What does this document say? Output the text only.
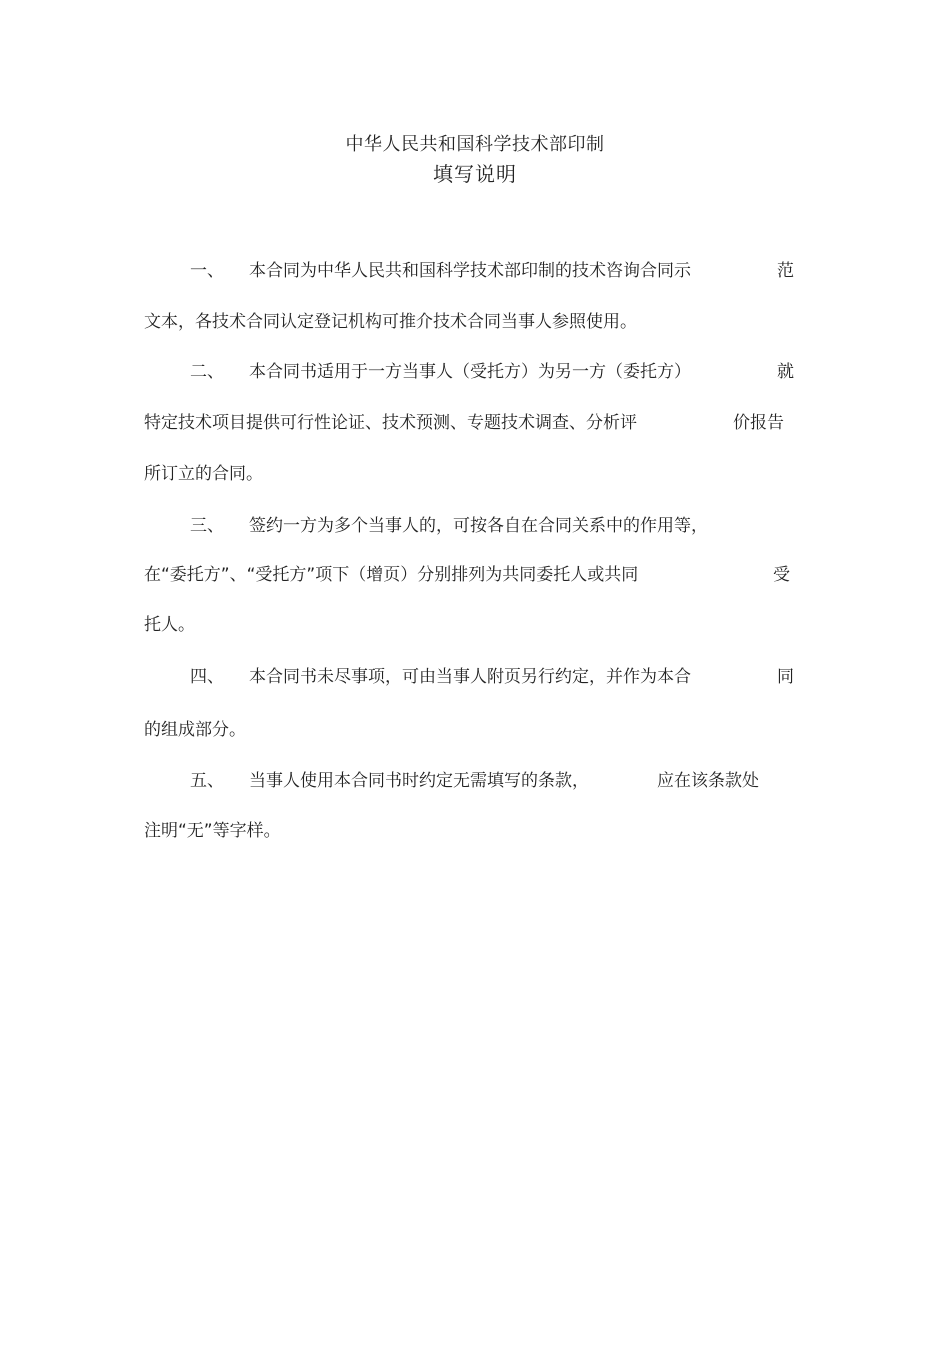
中华人民共和国科学技术部印制
填写说明
一、 本合同为中华人民共和国科学技术部印制的技术咨询合同示	范
文本，各技术合同认定登记机构可推介技术合同当事人参照使用。
二、 本合同书适用于一方当事人（受托方）为另一方（委托方）	就
特定技术项目提供可行性论证、技术预测、专题技术调查、分析评	价报告
所订立的合同。
三、 签约一方为多个当事人的，可按各自在合同关系中的作用等，
在“委托方”、“受托方”项下（增页）分别排列为共同委托人或共同	受
托人。
四、 本合同书未尽事项，可由当事人附页另行约定，并作为本合	同
的组成部分。
五、 当事人使用本合同书时约定无需填写的条款，	应在该条款处
注明“无”等字样。
